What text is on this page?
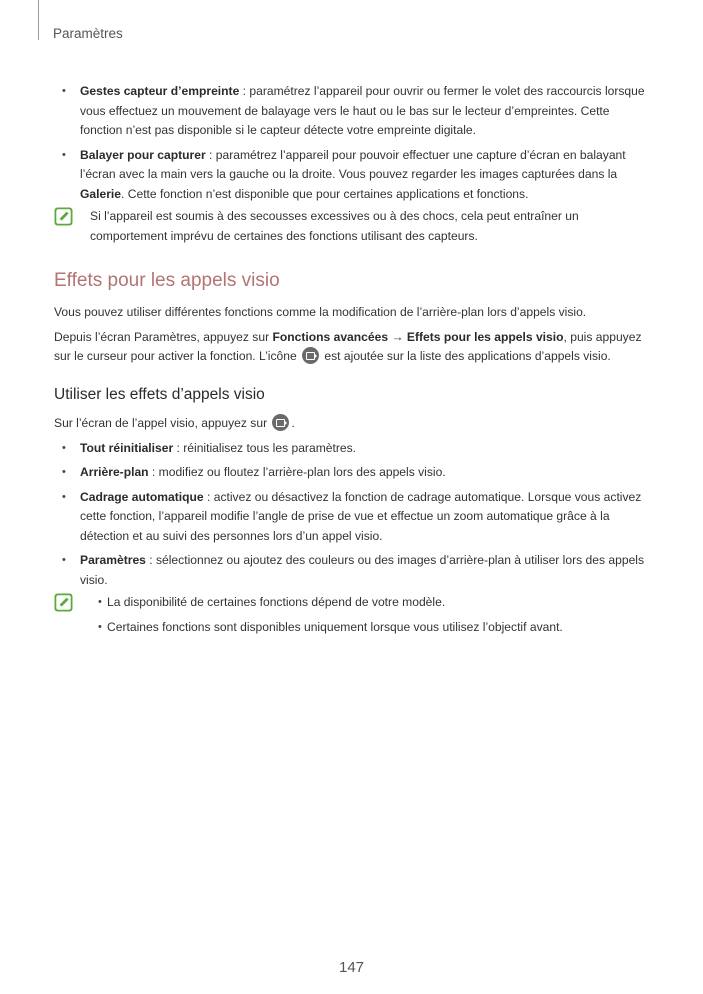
Paramètres
• Gestes capteur d’empreinte : paramétrez l’appareil pour ouvrir ou fermer le volet des raccourcis lorsque vous effectuez un mouvement de balayage vers le haut ou le bas sur le lecteur d’empreintes. Cette fonction n’est pas disponible si le capteur détecte votre empreinte digitale.
• Balayer pour capturer : paramétrez l’appareil pour pouvoir effectuer une capture d’écran en balayant l’écran avec la main vers la gauche ou la droite. Vous pouvez regarder les images capturées dans la Galerie. Cette fonction n’est disponible que pour certaines applications et fonctions.
Si l’appareil est soumis à des secousses excessives ou à des chocs, cela peut entraîner un comportement imprévu de certaines des fonctions utilisant des capteurs.
Effets pour les appels visio

Vous pouvez utiliser différentes fonctions comme la modification de l’arrière-plan lors d’appels visio.

Depuis l’écran Paramètres, appuyez sur Fonctions avancées → Effets pour les appels visio, puis appuyez sur le curseur pour activer la fonction. L’icône  est ajoutée sur la liste des applications d’appels visio.

Utiliser les effets d’appels visio

Sur l’écran de l’appel visio, appuyez sur .

• Tout réinitialiser : réinitialisez tous les paramètres.
• Arrière-plan : modifiez ou floutez l’arrière-plan lors des appels visio.
• Cadrage automatique : activez ou désactivez la fonction de cadrage automatique. Lorsque vous activez cette fonction, l’appareil modifie l’angle de prise de vue et effectue un zoom automatique grâce à la détection et au suivi des personnes lors d’un appel visio.
• Paramètres : sélectionnez ou ajoutez des couleurs ou des images d’arrière-plan à utiliser lors des appels visio.
• La disponibilité de certaines fonctions dépend de votre modèle.
• Certaines fonctions sont disponibles uniquement lorsque vous utilisez l’objectif avant.
147
